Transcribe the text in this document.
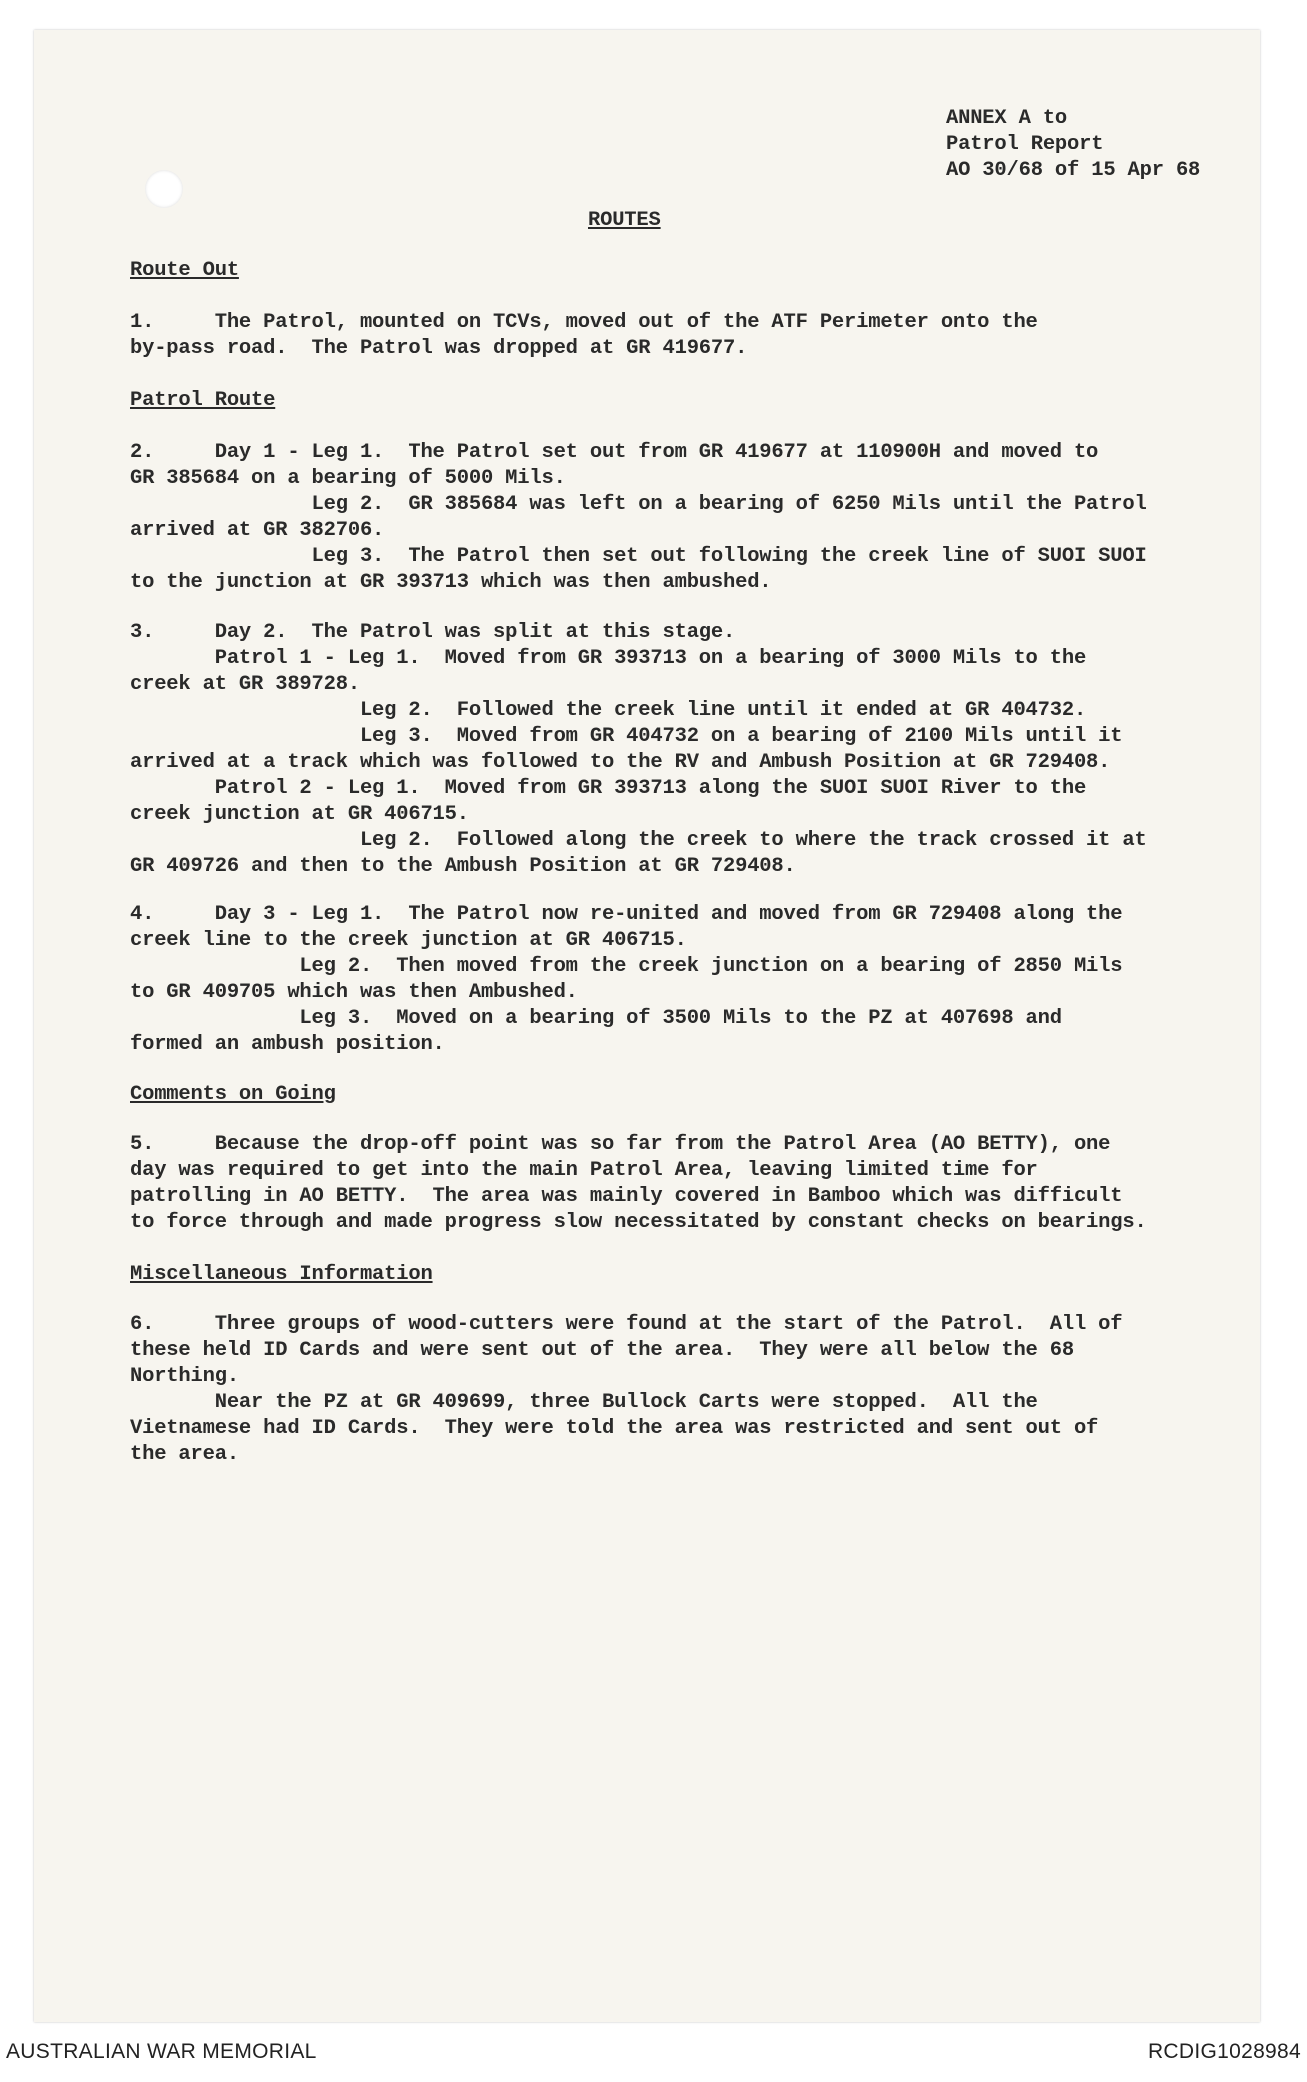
ANNEX A to
Patrol Report
AO 30/68 of 15 Apr 68
ROUTES
Route Out
1.     The Patrol, mounted on TCVs, moved out of the ATF Perimeter onto the
by-pass road.  The Patrol was dropped at GR 419677.
Patrol Route
2.     Day 1 - Leg 1.  The Patrol set out from GR 419677 at 110900H and moved to
GR 385684 on a bearing of 5000 Mils.
Leg 2.  GR 385684 was left on a bearing of 6250 Mils until the Patrol
arrived at GR 382706.
Leg 3.  The Patrol then set out following the creek line of SUOI SUOI
to the junction at GR 393713 which was then ambushed.
3.     Day 2.  The Patrol was split at this stage.
Patrol 1 - Leg 1.  Moved from GR 393713 on a bearing of 3000 Mils to the
creek at GR 389728.
Leg 2.  Followed the creek line until it ended at GR 404732.
Leg 3.  Moved from GR 404732 on a bearing of 2100 Mils until it
arrived at a track which was followed to the RV and Ambush Position at GR 729408.
Patrol 2 - Leg 1.  Moved from GR 393713 along the SUOI SUOI River to the
creek junction at GR 406715.
Leg 2.  Followed along the creek to where the track crossed it at
GR 409726 and then to the Ambush Position at GR 729408.
4.     Day 3 - Leg 1.  The Patrol now re-united and moved from GR 729408 along the
creek line to the creek junction at GR 406715.
Leg 2.  Then moved from the creek junction on a bearing of 2850 Mils
to GR 409705 which was then Ambushed.
Leg 3.  Moved on a bearing of 3500 Mils to the PZ at 407698 and
formed an ambush position.
Comments on Going
5.     Because the drop-off point was so far from the Patrol Area (AO BETTY), one
day was required to get into the main Patrol Area, leaving limited time for
patrolling in AO BETTY.  The area was mainly covered in Bamboo which was difficult
to force through and made progress slow necessitated by constant checks on bearings.
Miscellaneous Information
6.     Three groups of wood-cutters were found at the start of the Patrol.  All of
these held ID Cards and were sent out of the area.  They were all below the 68
Northing.
Near the PZ at GR 409699, three Bullock Carts were stopped.  All the
Vietnamese had ID Cards.  They were told the area was restricted and sent out of
the area.
AUSTRALIAN WAR MEMORIAL	RCDIG1028984
